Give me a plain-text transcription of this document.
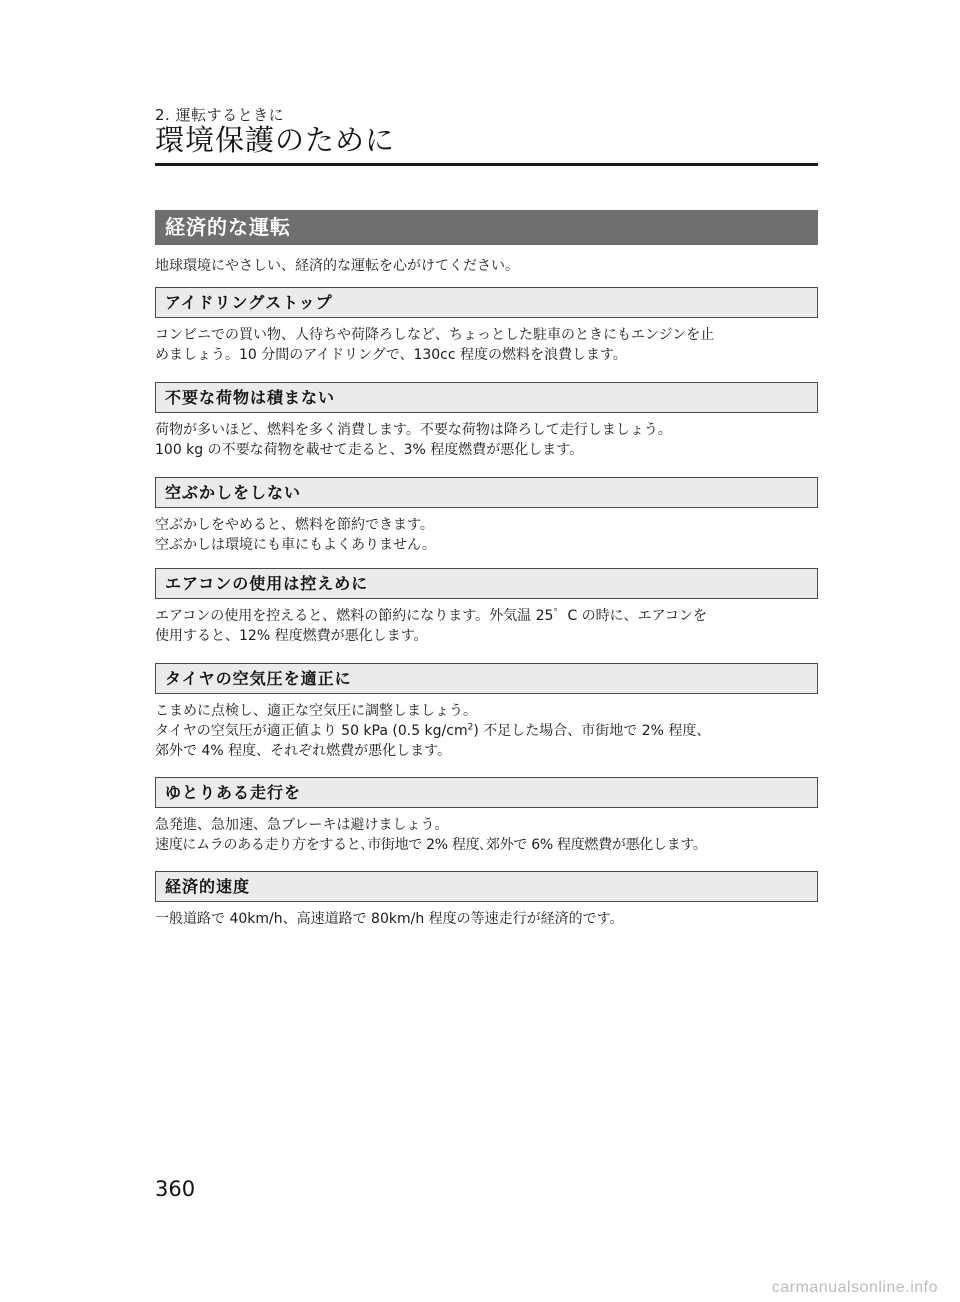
2. 運転するときに
環境保護のために
経済的な運転
地球環境にやさしい、経済的な運転を心がけてください。
アイドリングストップ

コンビニでの買い物、人待ちや荷降ろしなど、ちょっとした駐車のときにもエンジンを止

めましょう。10 分間のアイドリングで、130cc 程度の燃料を浪費します。

不要な荷物は積まない

荷物が多いほど、燃料を多く消費します。不要な荷物は降ろして走行しましょう。

100 kg の不要な荷物を載せて走ると、3% 程度燃費が悪化します。

空ぶかしをしない

空ぶかしをやめると、燃料を節約できます。

空ぶかしは環境にも車にもよくありません。

エアコンの使用は控えめに

エアコンの使用を控えると、燃料の節約になります。外気温 25゜C の時に、エアコンを

使用すると、12% 程度燃費が悪化します。

タイヤの空気圧を適正に

こまめに点検し、適正な空気圧に調整しましょう。

タイヤの空気圧が適正値より 50 kPa (0.5 $kg/cm^2$) 不足した場合、市街地で 2% 程度、

郊外で 4% 程度、それぞれ燃費が悪化します。

ゆとりある走行を

急発進、急加速、急ブレーキは避けましょう。

速度にムラのある走り方をすると､市街地で 2% 程度､郊外で 6% 程度燃費が悪化します。

経済的速度

一般道路で 40km/h、高速道路で 80km/h 程度の等速走行が経済的です。

360
carmanualsonline.info
